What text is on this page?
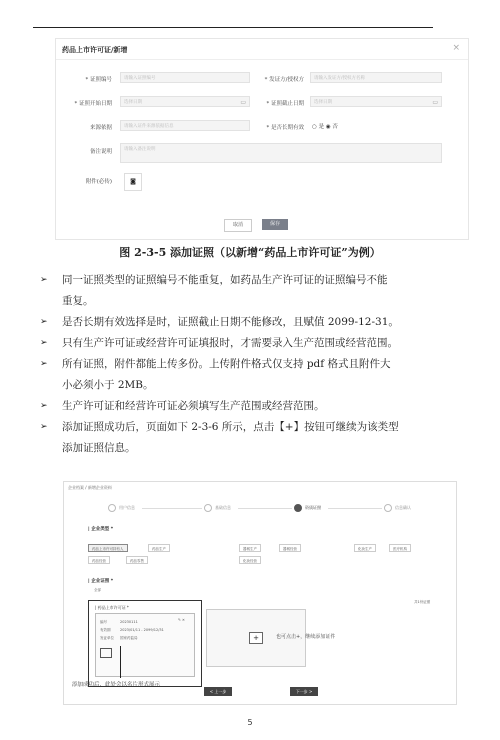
药品上市许可证/新增	×
* 证照编号	请输入证照编号	* 发证方/授权方	请输入发证方/授权方名称
* 证照开始日期	选择日期	▭	* 证照截止日期	选择日期	▭
来源依据	请输入证件来源依据信息	* 是否长期有效 ○ 是 ◉ 否
备注说明	请输入备注说明
附件(必传)	◙
取消	保存
图 2-3-5 添加证照（以新增“药品上市许可证”为例）
➢	同一证照类型的证照编号不能重复，如药品生产许可证的证照编号不能
重复。
➢	是否长期有效选择是时，证照截止日期不能修改，且赋值 2099-12-31。
➢	只有生产许可证或经营许可证填报时，才需要录入生产范围或经营范围。
➢	所有证照，附件都能上传多份。上传附件格式仅支持 pdf 格式且附件大
小必须小于 2MB。
➢	生产许可证和经营许可证必须填写生产范围或经营范围。
➢	添加证照成功后，页面如下 2-3-6 所示，点击【+】按钮可继续为该类型
添加证照信息。
企业档案 / 新增企业资料
用户信息	基础信息	资质证照	信息确认
| 企业类型 *
药品上市许可持有人	药品生产	器械生产	器械经营	化妆生产	医疗机构
药品经营	药品零售	化妆经营
| 企业证照 *
全部
共1份证照
| 药品上市许可证 *
编号	20230111
有效期	2023/01/11 - 2099/12/31
发证单位 国家药监局
✎ ✕
+	也可点击+，继续添加证件
添加成功后，此处会以名片形式展示
< 上一步	下一步 >
5
